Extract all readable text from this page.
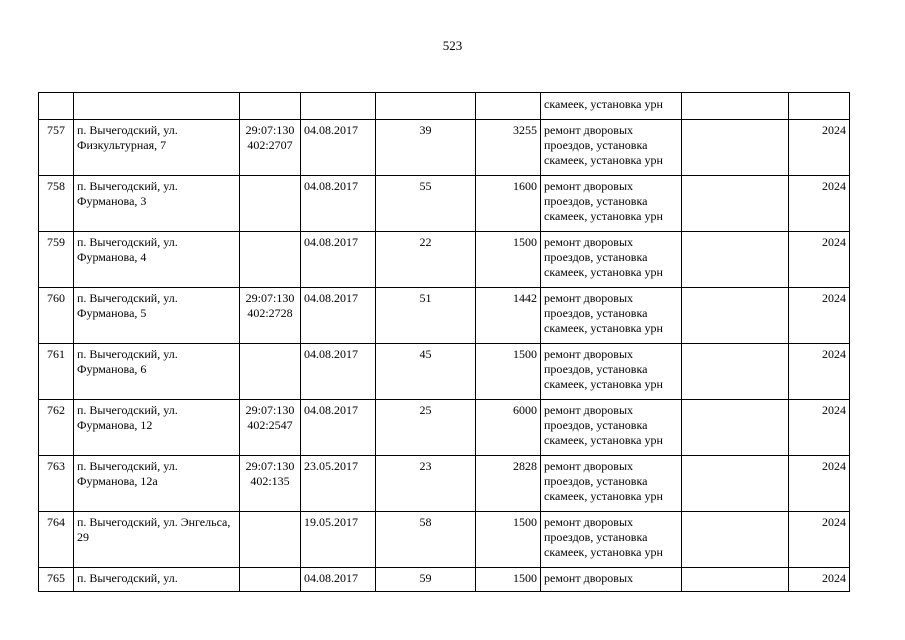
523
						скамеек, установка урн		
757	п. Вычегодский, ул. Физкультурная, 7	29:07:130 402:2707	04.08.2017	39	3255	ремонт дворовых проездов, установка скамеек, установка урн		2024
758	п. Вычегодский, ул. Фурманова, 3		04.08.2017	55	1600	ремонт дворовых проездов, установка скамеек, установка урн		2024
759	п. Вычегодский, ул. Фурманова, 4		04.08.2017	22	1500	ремонт дворовых проездов, установка скамеек, установка урн		2024
760	п. Вычегодский, ул. Фурманова, 5	29:07:130 402:2728	04.08.2017	51	1442	ремонт дворовых проездов, установка скамеек, установка урн		2024
761	п. Вычегодский, ул. Фурманова, 6		04.08.2017	45	1500	ремонт дворовых проездов, установка скамеек, установка урн		2024
762	п. Вычегодский, ул. Фурманова, 12	29:07:130 402:2547	04.08.2017	25	6000	ремонт дворовых проездов, установка скамеек, установка урн		2024
763	п. Вычегодский, ул. Фурманова, 12а	29:07:130 402:135	23.05.2017	23	2828	ремонт дворовых проездов, установка скамеек, установка урн		2024
764	п. Вычегодский, ул. Энгельса, 29		19.05.2017	58	1500	ремонт дворовых проездов, установка скамеек, установка урн		2024
765	п. Вычегодский, ул.		04.08.2017	59	1500	ремонт дворовых		2024
